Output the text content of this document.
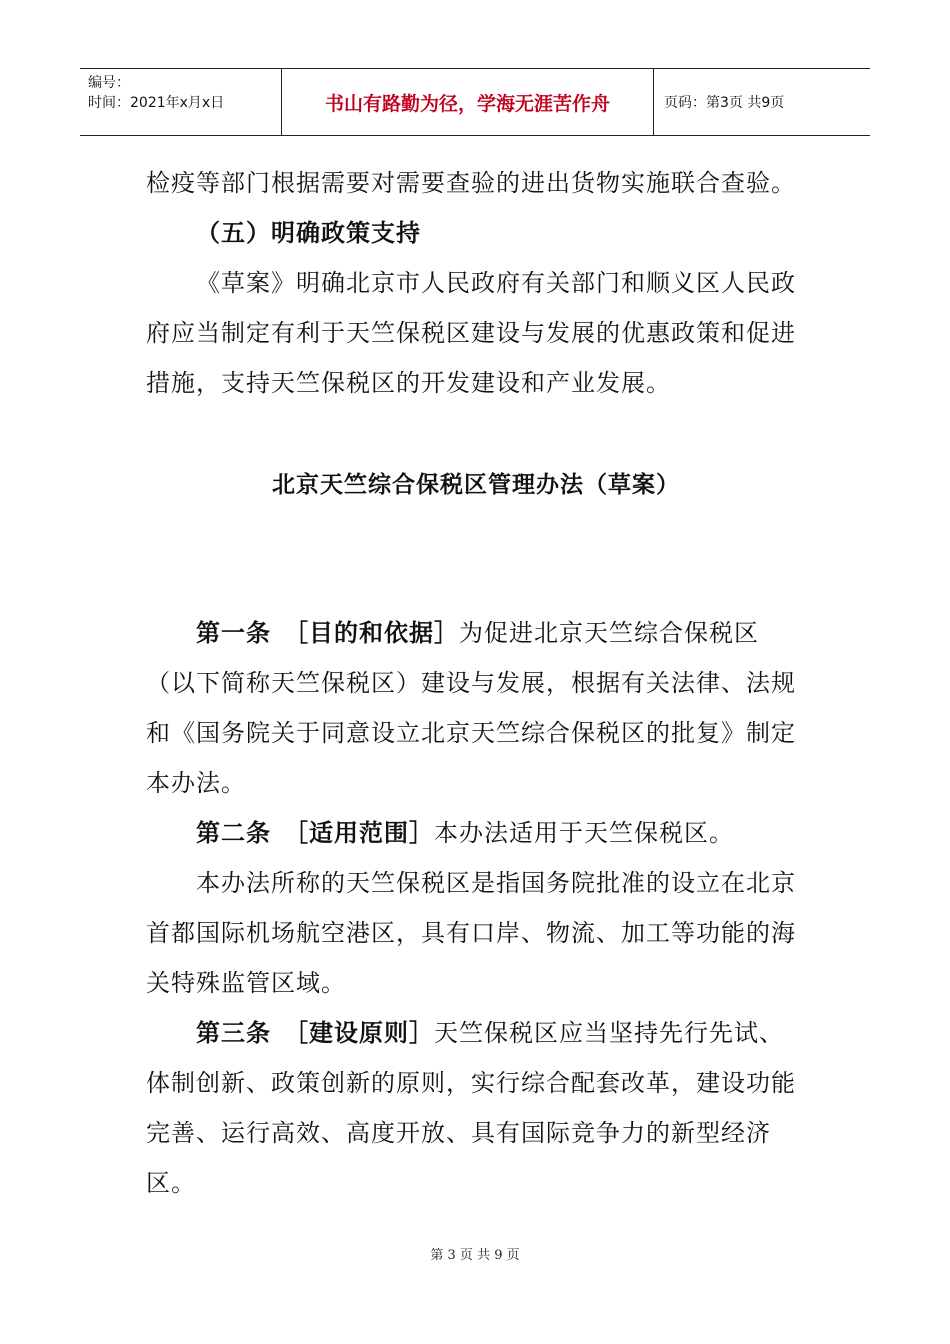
编号：
时间：2021年x月x日	书山有路勤为径，学海无涯苦作舟	页码：第3页 共9页

检疫等部门根据需要对需要查验的进出货物实施联合查验。

（五）明确政策支持

《草案》明确北京市人民政府有关部门和顺义区人民政府应当制定有利于天竺保税区建设与发展的优惠政策和促进措施，支持天竺保税区的开发建设和产业发展。

北京天竺综合保税区管理办法（草案）

第一条　［目的和依据］为促进北京天竺综合保税区（以下简称天竺保税区）建设与发展，根据有关法律、法规和《国务院关于同意设立北京天竺综合保税区的批复》制定本办法。

第二条　［适用范围］本办法适用于天竺保税区。

本办法所称的天竺保税区是指国务院批准的设立在北京首都国际机场航空港区，具有口岸、物流、加工等功能的海关特殊监管区域。

第三条　［建设原则］天竺保税区应当坚持先行先试、体制创新、政策创新的原则，实行综合配套改革，建设功能完善、运行高效、高度开放、具有国际竞争力的新型经济区。

第 3 页 共 9 页
